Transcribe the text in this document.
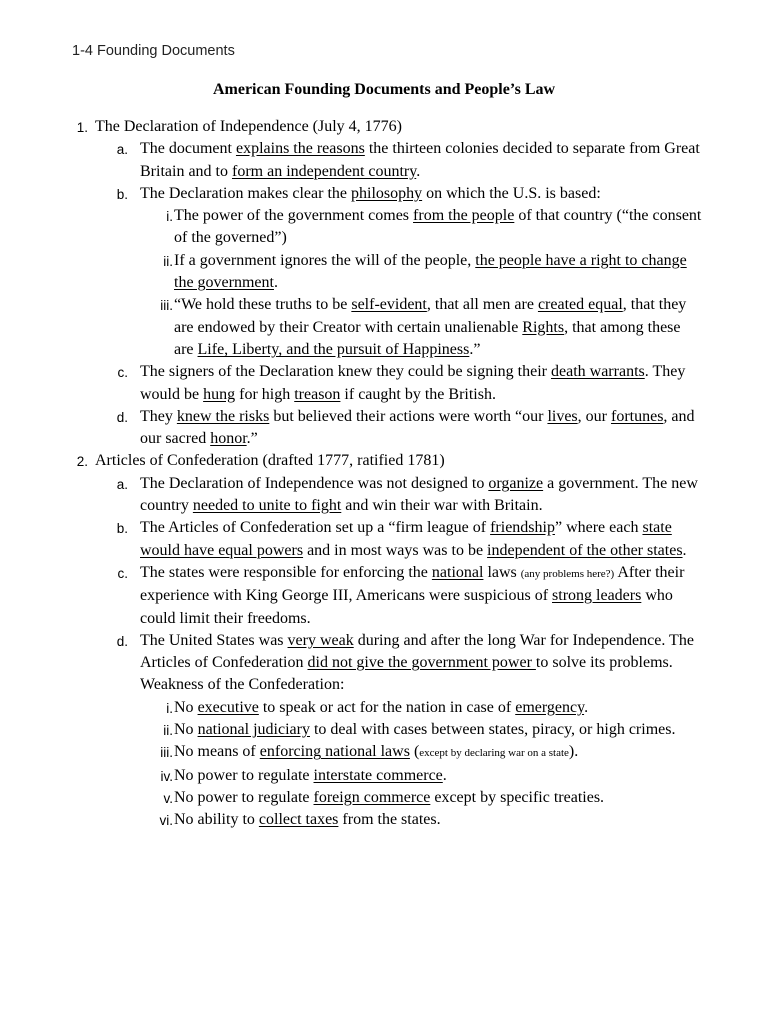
1-4 Founding Documents
American Founding Documents and People’s Law
1. The Declaration of Independence (July 4, 1776)
a. The document explains the reasons the thirteen colonies decided to separate from Great Britain and to form an independent country.
b. The Declaration makes clear the philosophy on which the U.S. is based:
i. The power of the government comes from the people of that country (“the consent of the governed”)
ii. If a government ignores the will of the people, the people have a right to change the government.
iii. “We hold these truths to be self-evident, that all men are created equal, that they are endowed by their Creator with certain unalienable Rights, that among these are Life, Liberty, and the pursuit of Happiness.”
c. The signers of the Declaration knew they could be signing their death warrants. They would be hung for high treason if caught by the British.
d. They knew the risks but believed their actions were worth “our lives, our fortunes, and our sacred honor.”
2. Articles of Confederation (drafted 1777, ratified 1781)
a. The Declaration of Independence was not designed to organize a government. The new country needed to unite to fight and win their war with Britain.
b. The Articles of Confederation set up a “firm league of friendship” where each state would have equal powers and in most ways was to be independent of the other states.
c. The states were responsible for enforcing the national laws (any problems here?) After their experience with King George III, Americans were suspicious of strong leaders who could limit their freedoms.
d. The United States was very weak during and after the long War for Independence. The Articles of Confederation did not give the government power to solve its problems. Weakness of the Confederation:
i. No executive to speak or act for the nation in case of emergency.
ii. No national judiciary to deal with cases between states, piracy, or high crimes.
iii. No means of enforcing national laws (except by declaring war on a state).
iv. No power to regulate interstate commerce.
v. No power to regulate foreign commerce except by specific treaties.
vi. No ability to collect taxes from the states.
